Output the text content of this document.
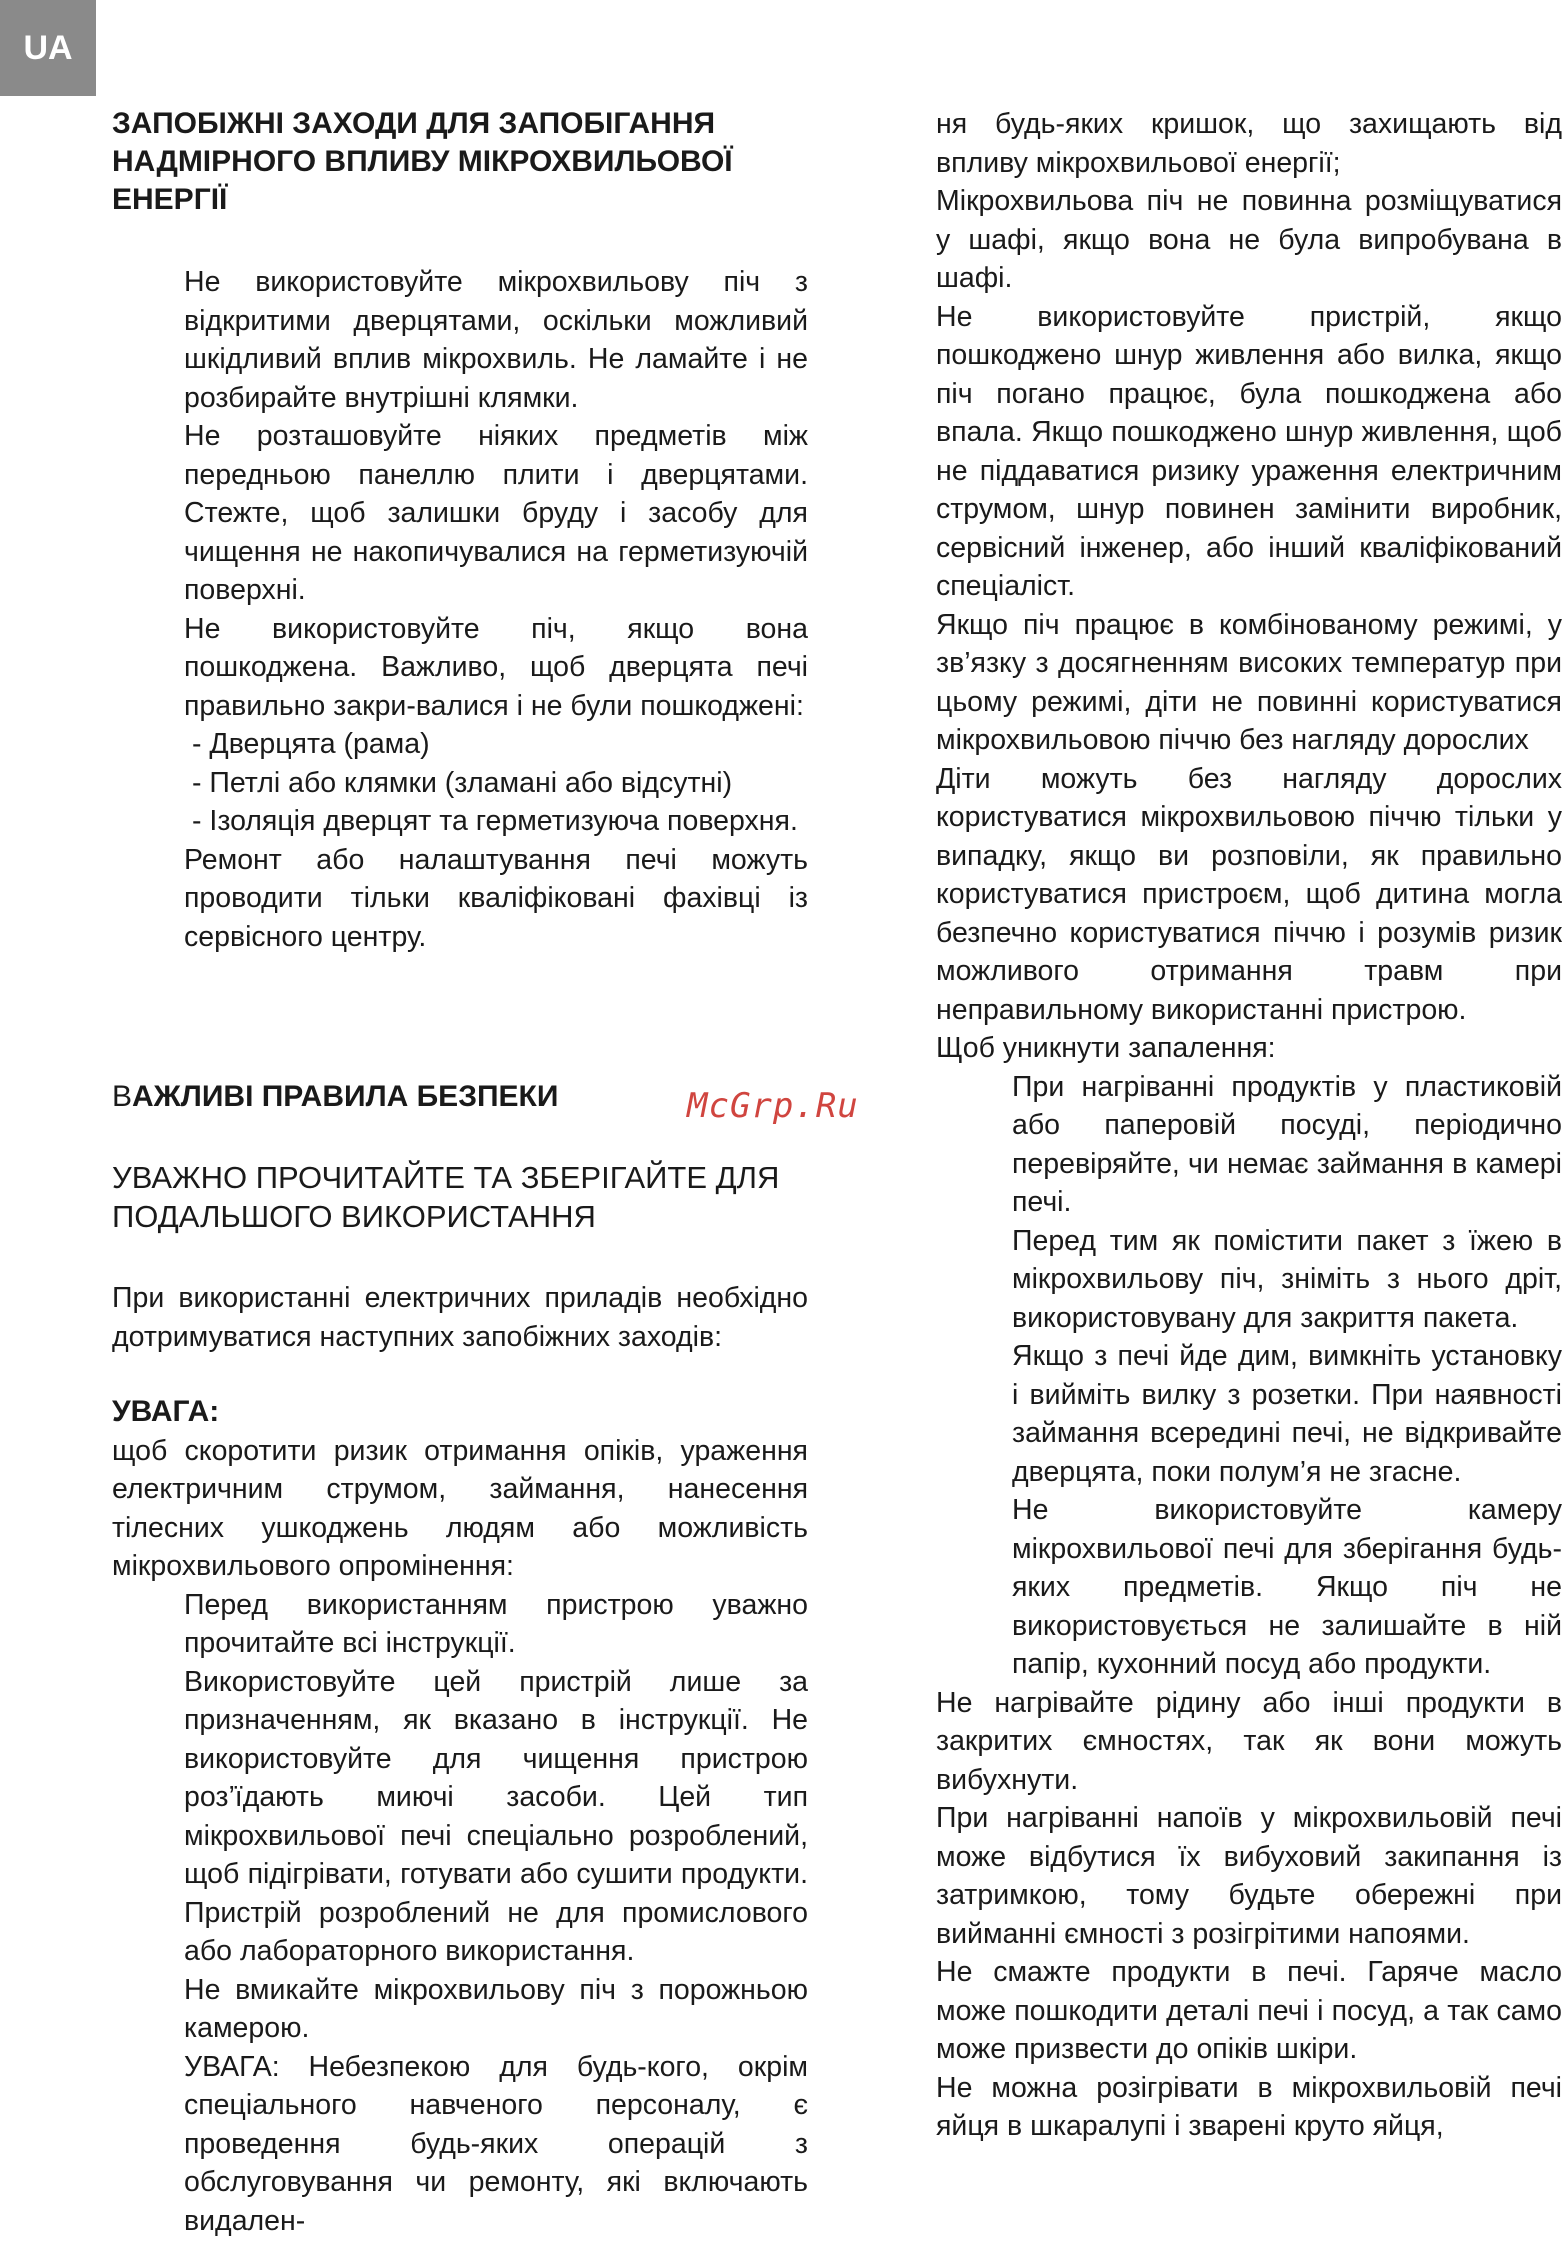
UA
McGrp.Ru
ЗАПОБІЖНІ ЗАХОДИ ДЛЯ ЗАПОБІГАННЯ НАДМІРНОГО ВПЛИВУ МІКРОХВИЛЬОВОЇ ЕНЕРГІЇ

Не використовуйте мікрохвильову піч з відкритими дверцятами, оскільки можливий шкідливий вплив мікрохвиль. Не ламайте і не розбирайте внутрішні клямки.

Не розташовуйте ніяких предметів між передньою панеллю плити і дверцятами. Стежте, щоб залишки бруду і засобу для чищення не накопичувалися на герметизуючій поверхні.

Не використовуйте піч, якщо вона пошкоджена. Важливо, щоб дверцята печі правильно закри-валися і не були пошкоджені:

- Дверцята (рама)

- Петлі або клямки (зламані або відсутні)

- Ізоляція дверцят та герметизуюча поверхня.

Ремонт або налаштування печі можуть проводити тільки кваліфіковані фахівці із сервісного центру.

ВАЖЛИВІ ПРАВИЛА БЕЗПЕКИ

УВАЖНО ПРОЧИТАЙТЕ ТА ЗБЕРІГАЙТЕ ДЛЯ ПОДАЛЬШОГО ВИКОРИСТАННЯ

При використанні електричних приладів необхідно дотримуватися наступних запобіжних заходів:

УВАГА:

щоб скоротити ризик отримання опіків, ураження електричним струмом, займання, нанесення тілесних ушкоджень людям або можливість мікрохвильового опромінення:

Перед використанням пристрою уважно прочитайте всі інструкції.

Використовуйте цей пристрій лише за призначенням, як вказано в інструкції. Не використовуйте для чищення пристрою роз’їдають миючі засоби. Цей тип мікрохвильової печі спеціально розроблений, щоб підігрівати, готувати або сушити продукти. Пристрій розроблений не для промислового або лабораторного використання.

Не вмикайте мікрохвильову піч з порожньою камерою.

УВАГА: Небезпекою для будь-кого, окрім спеціального навченого персоналу, є проведення будь-яких операцій з обслуговування чи ремонту, які включають видален-

ня будь-яких кришок, що захищають від впливу мікрохвильової енергії;

Мікрохвильова піч не повинна розміщуватися у шафі, якщо вона не була випробувана в шафі.

Не використовуйте пристрій, якщо пошкоджено шнур живлення або вилка, якщо піч погано працює, була пошкоджена або впала. Якщо пошкоджено шнур живлення, щоб не піддаватися ризику ураження електричним струмом, шнур повинен замінити виробник, сервісний інженер, або інший кваліфікований спеціаліст.

Якщо піч працює в комбінованому режимі, у зв’язку з досягненням високих температур при цьому режимі, діти не повинні користуватися мікрохвильовою піччю без нагляду дорослих

Діти можуть без нагляду дорослих користуватися мікрохвильовою піччю тільки у випадку, якщо ви розповіли, як правильно користуватися пристроєм, щоб дитина могла безпечно користуватися піччю і розумів ризик можливого отримання травм при неправильному використанні пристрою.

Щоб уникнути запалення:

При нагріванні продуктів у пластиковій або паперовій посуді, періодично перевіряйте, чи немає займання в камері печі.

Перед тим як помістити пакет з їжею в мікрохвильову піч, зніміть з нього дріт, використовувану для закриття пакета.

Якщо з печі йде дим, вимкніть установку і вийміть вилку з розетки. При наявності займання всередині печі, не відкривайте дверцята, поки полум’я не згасне.

Не використовуйте камеру мікрохвильової печі для зберігання будь-яких предметів. Якщо піч не використовується не залишайте в ній папір, кухонний посуд або продукти.

Не нагрівайте рідину або інші продукти в закритих ємностях, так як вони можуть вибухнути.

При нагріванні напоїв у мікрохвильовій печі може відбутися їх вибуховий закипання із затримкою, тому будьте обережні при вийманні ємності з розігрітими напоями.

Не смажте продукти в печі. Гаряче масло може пошкодити деталі печі і посуд, а так само може призвести до опіків шкіри.

Не можна розігрівати в мікрохвильовій печі яйця в шкаралупі і зварені круто яйця,
